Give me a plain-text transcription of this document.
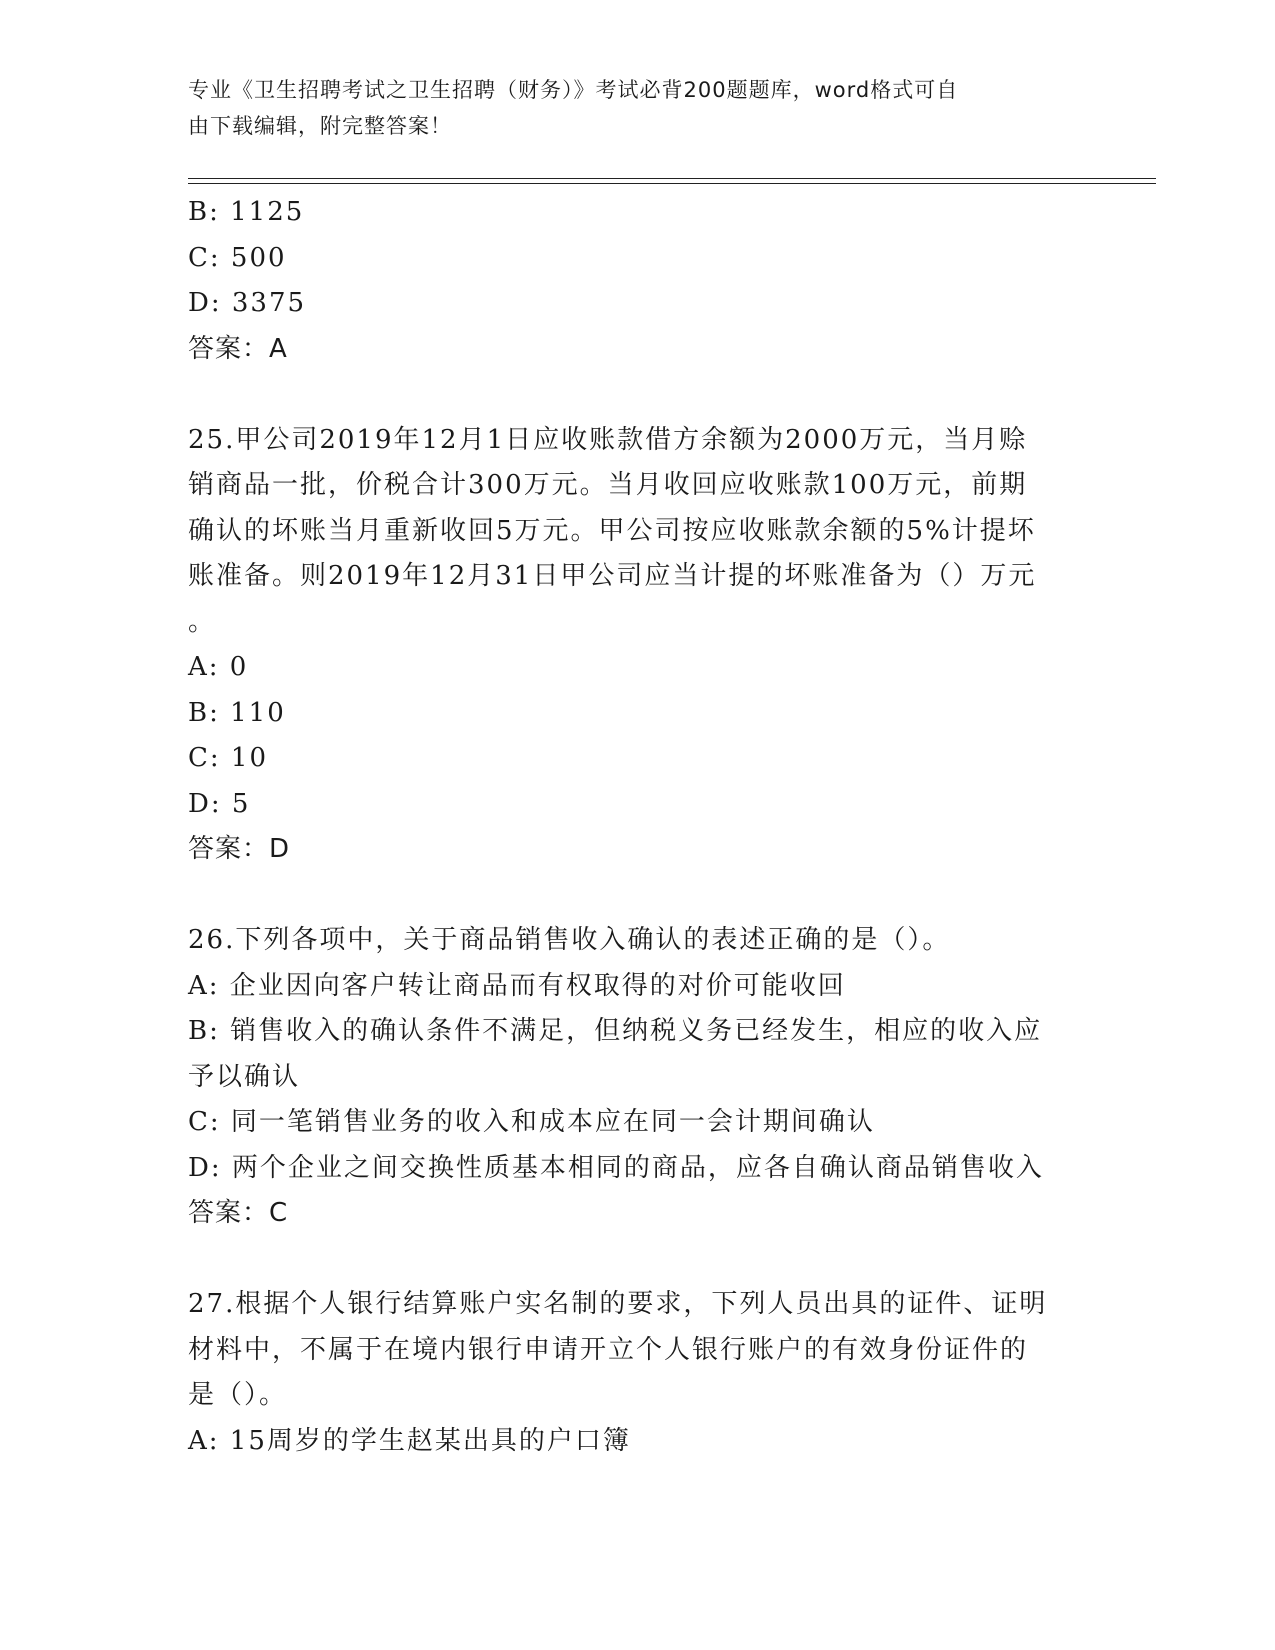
专业《卫生招聘考试之卫生招聘（财务）》考试必背200题题库，word格式可自
由下载编辑，附完整答案！
B: 1125
C: 500
D: 3375
答案：A
25.甲公司2019年12月1日应收账款借方余额为2000万元，当月赊
销商品一批，价税合计300万元。当月收回应收账款100万元，前期
确认的坏账当月重新收回5万元。甲公司按应收账款余额的5%计提坏
账准备。则2019年12月31日甲公司应当计提的坏账准备为（）万元
。
A: 0
B: 110
C: 10
D: 5
答案：D
26.下列各项中，关于商品销售收入确认的表述正确的是（）。
A: 企业因向客户转让商品而有权取得的对价可能收回
B: 销售收入的确认条件不满足，但纳税义务已经发生，相应的收入应
予以确认
C: 同一笔销售业务的收入和成本应在同一会计期间确认
D: 两个企业之间交换性质基本相同的商品，应各自确认商品销售收入
答案：C
27.根据个人银行结算账户实名制的要求，下列人员出具的证件、证明
材料中，不属于在境内银行申请开立个人银行账户的有效身份证件的
是（）。
A: 15周岁的学生赵某出具的户口簿
